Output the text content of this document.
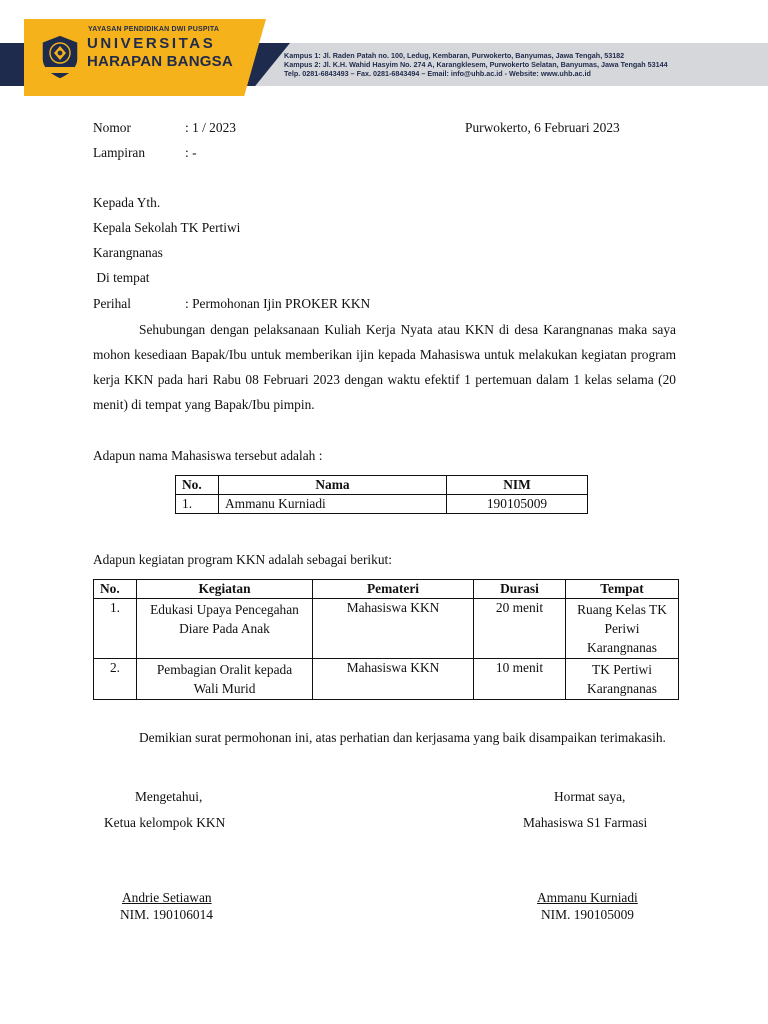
YAYASAN PENDIDIKAN DWI PUSPITA
UNIVERSITAS
HARAPAN BANGSA	Kampus 1: Jl. Raden Patah no. 100, Ledug, Kembaran, Purwokerto, Banyumas, Jawa Tengah, 53182
Kampus 2: Jl. K.H. Wahid Hasyim No. 274 A, Karangklesem, Purwokerto Selatan, Banyumas, Jawa Tengah 53144
Telp. 0281-6843493 – Fax. 0281-6843494 – Email: info@uhb.ac.id - Website: www.uhb.ac.id
Nomor	: 1 / 2023	Purwokerto, 6 Februari 2023
Lampiran	: -
Kepada Yth.
Kepala Sekolah TK Pertiwi
Karangnanas
Di tempat
Perihal	: Permohonan Ijin PROKER KKN
Sehubungan dengan pelaksanaan Kuliah Kerja Nyata atau KKN di desa Karangnanas maka saya mohon kesediaan Bapak/Ibu untuk memberikan ijin kepada Mahasiswa untuk melakukan kegiatan program kerja KKN pada hari Rabu 08 Februari 2023 dengan waktu efektif 1 pertemuan dalam 1 kelas selama (20 menit) di tempat yang Bapak/Ibu pimpin.
Adapun nama Mahasiswa tersebut adalah :
No.	Nama	NIM
1.	Ammanu Kurniadi	190105009
Adapun kegiatan program KKN adalah sebagai berikut:
No.	Kegiatan	Pemateri	Durasi	Tempat
1.	Edukasi Upaya Pencegahan Diare Pada Anak	Mahasiswa KKN	20 menit	Ruang Kelas TK Periwi Karangnanas
2.	Pembagian Oralit kepada Wali Murid	Mahasiswa KKN	10 menit	TK Pertiwi Karangnanas
Demikian surat permohonan ini, atas perhatian dan kerjasama yang baik disampaikan terimakasih.
Mengetahui,
Ketua kelompok KKN
Andrie Setiawan
NIM. 190106014
Hormat saya,
Mahasiswa S1 Farmasi
Ammanu Kurniadi
NIM. 190105009
